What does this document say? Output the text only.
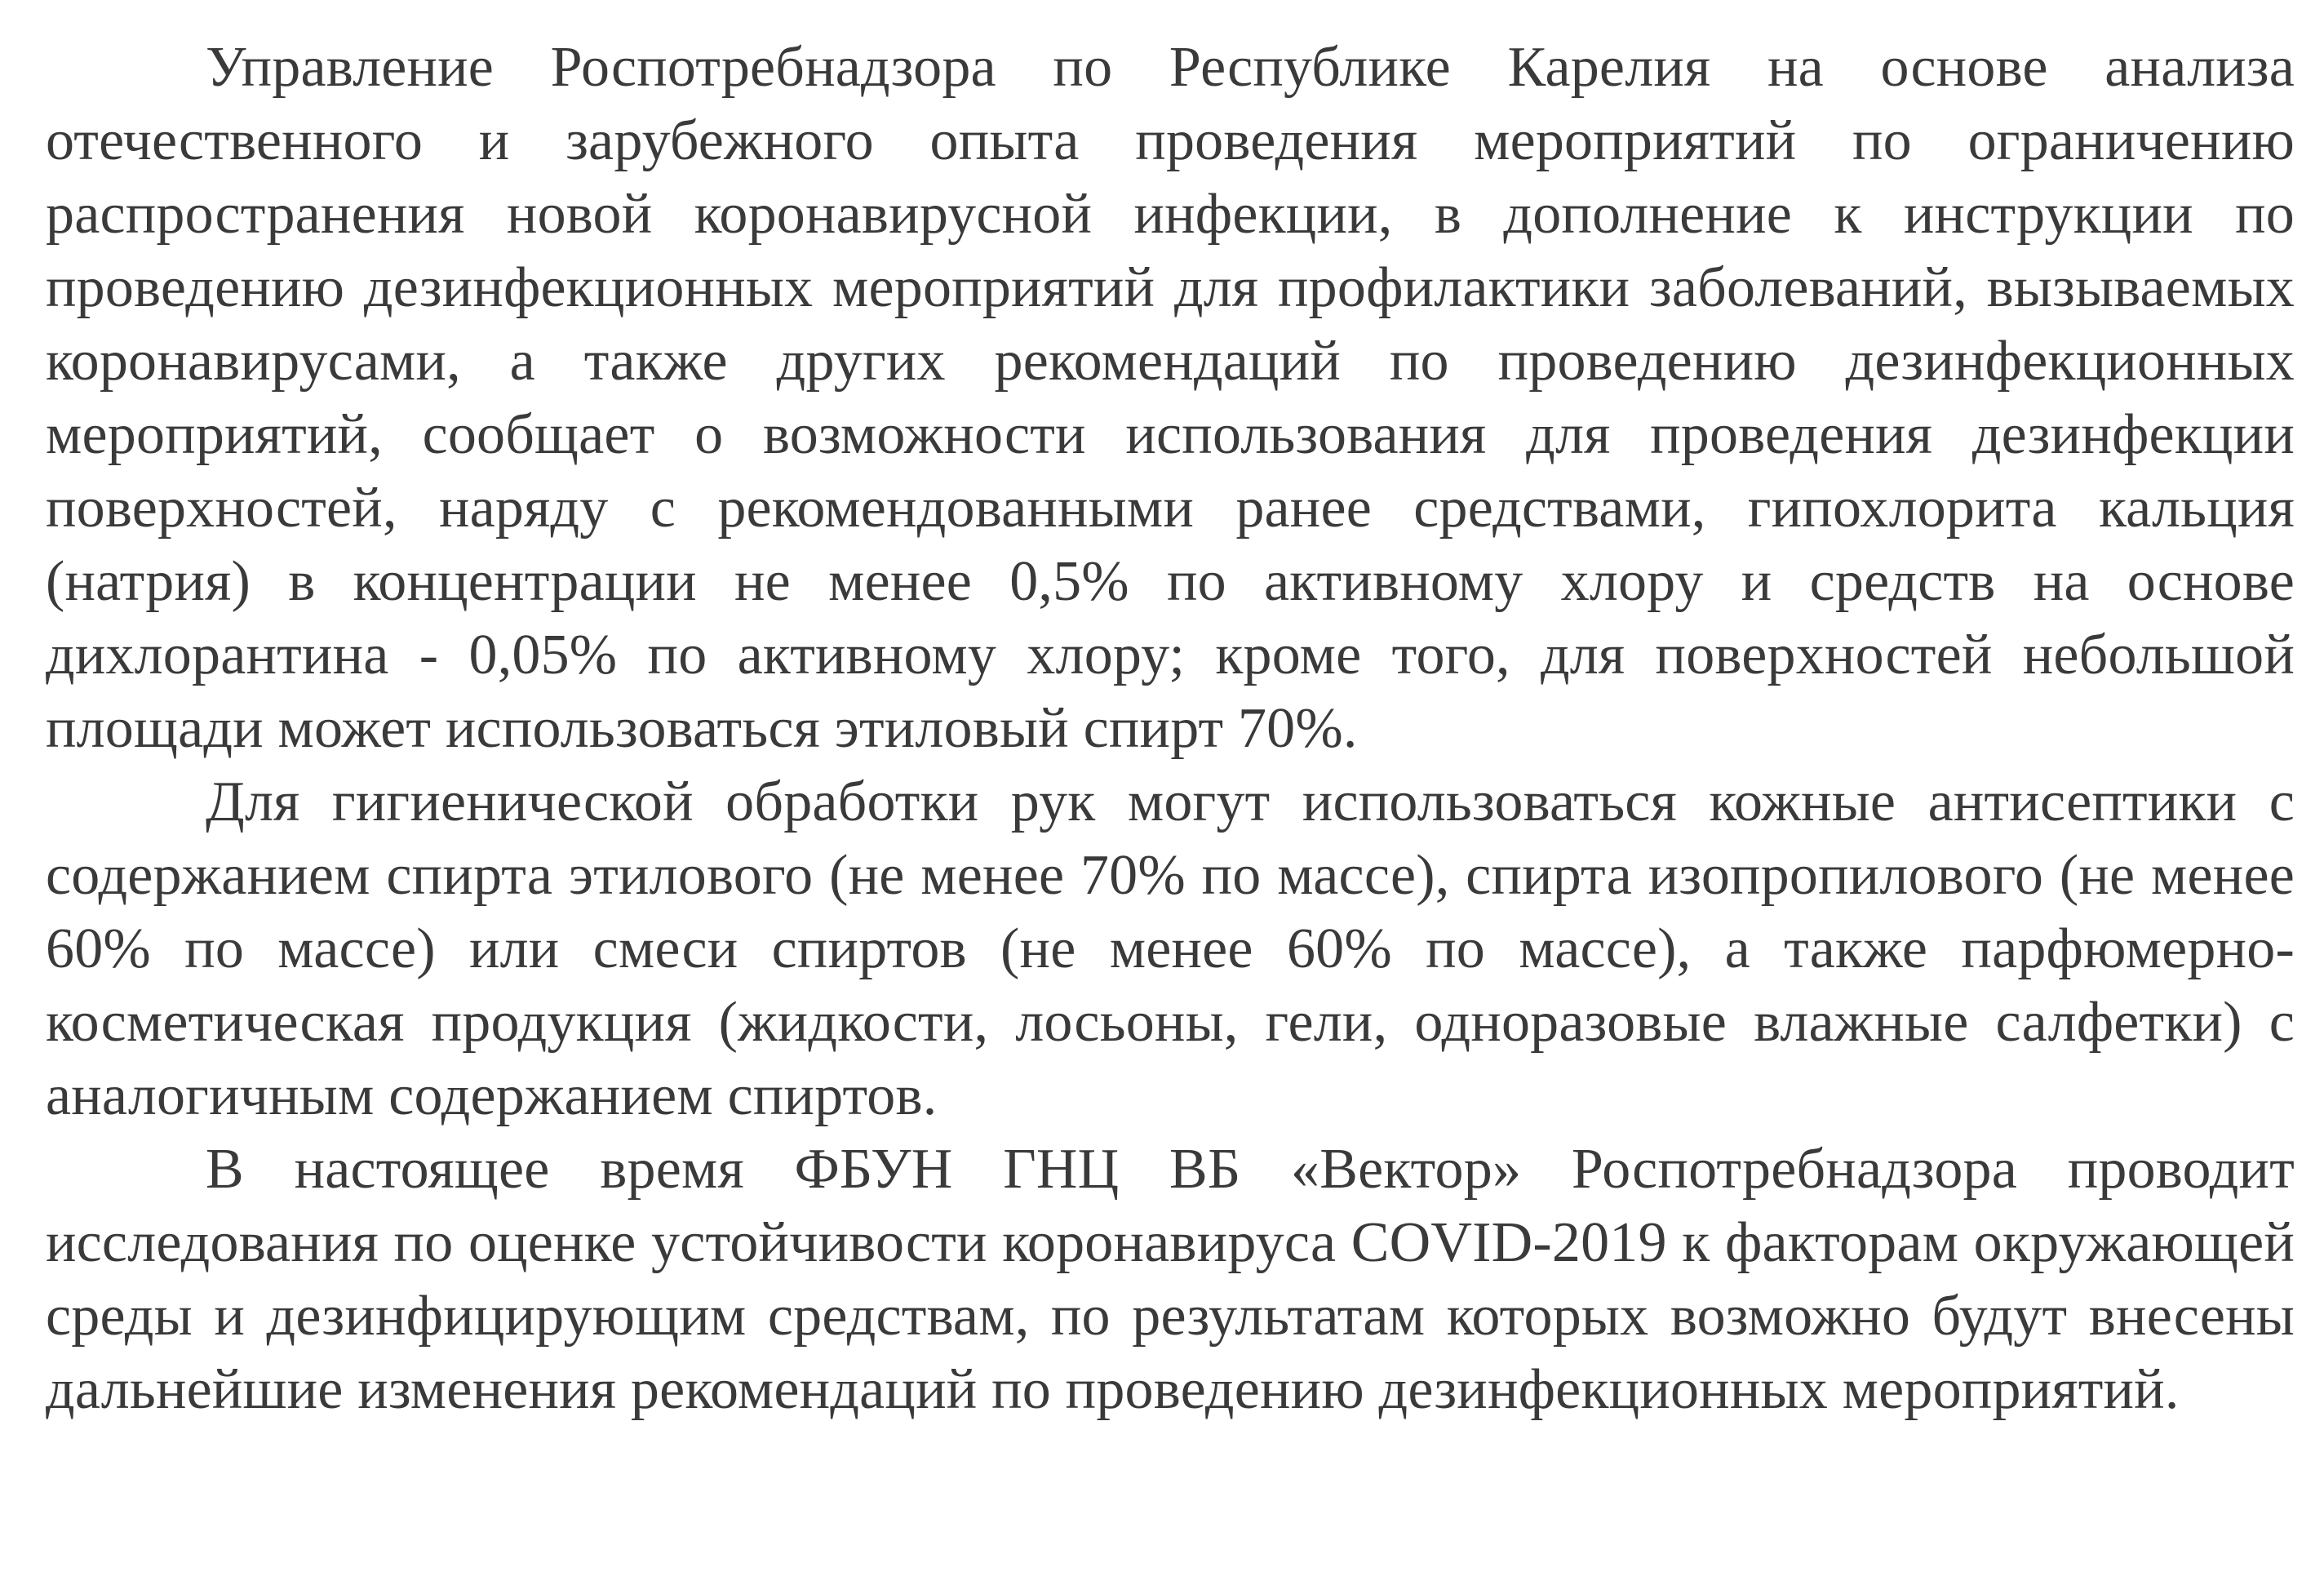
Управление Роспотребнадзора по Республике Карелия на основе анализа отечественного и зарубежного опыта проведения мероприятий по ограничению распространения новой коронавирусной инфекции, в дополнение к инструкции по проведению дезинфекционных мероприятий для профилактики заболеваний, вызываемых коронавирусами, а также других рекомендаций по проведению дезинфекционных мероприятий, сообщает о возможности использования для проведения дезинфекции поверхностей, наряду с рекомендованными ранее средствами, гипохлорита кальция (натрия) в концентрации не менее 0,5% по активному хлору и средств на основе дихлорантина - 0,05% по активному хлору; кроме того, для поверхностей небольшой площади может использоваться этиловый спирт 70%.

Для гигиенической обработки рук могут использоваться кожные антисептики с содержанием спирта этилового (не менее 70% по массе), спирта изопропилового (не менее 60% по массе) или смеси спиртов (не менее 60% по массе), а также парфюмерно-косметическая продукция (жидкости, лосьоны, гели, одноразовые влажные салфетки) с аналогичным содержанием спиртов.

В настоящее время ФБУН ГНЦ ВБ «Вектор» Роспотребнадзора проводит исследования по оценке устойчивости коронавируса COVID-2019 к факторам окружающей среды и дезинфицирующим средствам, по результатам которых возможно будут внесены дальнейшие изменения рекомендаций по проведению дезинфекционных мероприятий.
